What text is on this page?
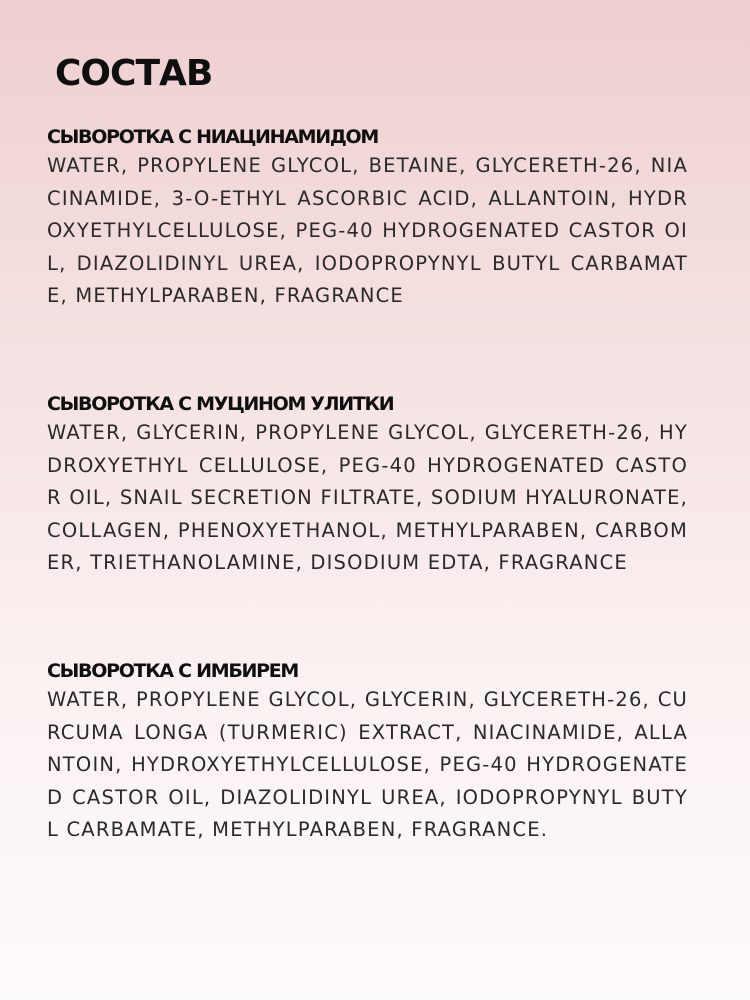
СОСТАВ
СЫВОРОТКА С НИАЦИНАМИДОМ

WATER, PROPYLENE GLYCOL, BETAINE, GLYCERETH-26, NIACINAMIDE, 3-O-ETHYL ASCORBIC ACID, ALLANTOIN, HYDROXYETHYLCELLULOSE, PEG-40 HYDROGENATED CASTOR OIL, DIAZOLIDINYL UREA, IODOPROPYNYL BUTYL CARBAMATE, METHYLPARABEN, FRAGRANCE

СЫВОРОТКА С МУЦИНОМ УЛИТКИ

WATER, GLYCERIN, PROPYLENE GLYCOL, GLYCERETH-26, HYDROXYETHYL CELLULOSE, PEG-40 HYDROGENATED CASTOR OIL, SNAIL SECRETION FILTRATE, SODIUM HYALURONATE, COLLAGEN, PHENOXYETHANOL, METHYLPARABEN, CARBOMER, TRIETHANOLAMINE, DISODIUM EDTA, FRAGRANCE

СЫВОРОТКА С ИМБИРЕМ

WATER, PROPYLENE GLYCOL, GLYCERIN, GLYCERETH-26, CURCUMA LONGA (TURMERIC) EXTRACT, NIACINAMIDE, ALLANTOIN, HYDROXYETHYLCELLULOSE, PEG-40 HYDROGENATED CASTOR OIL, DIAZOLIDINYL UREA, IODOPROPYNYL BUTYL CARBAMATE, METHYLPARABEN, FRAGRANCE.
